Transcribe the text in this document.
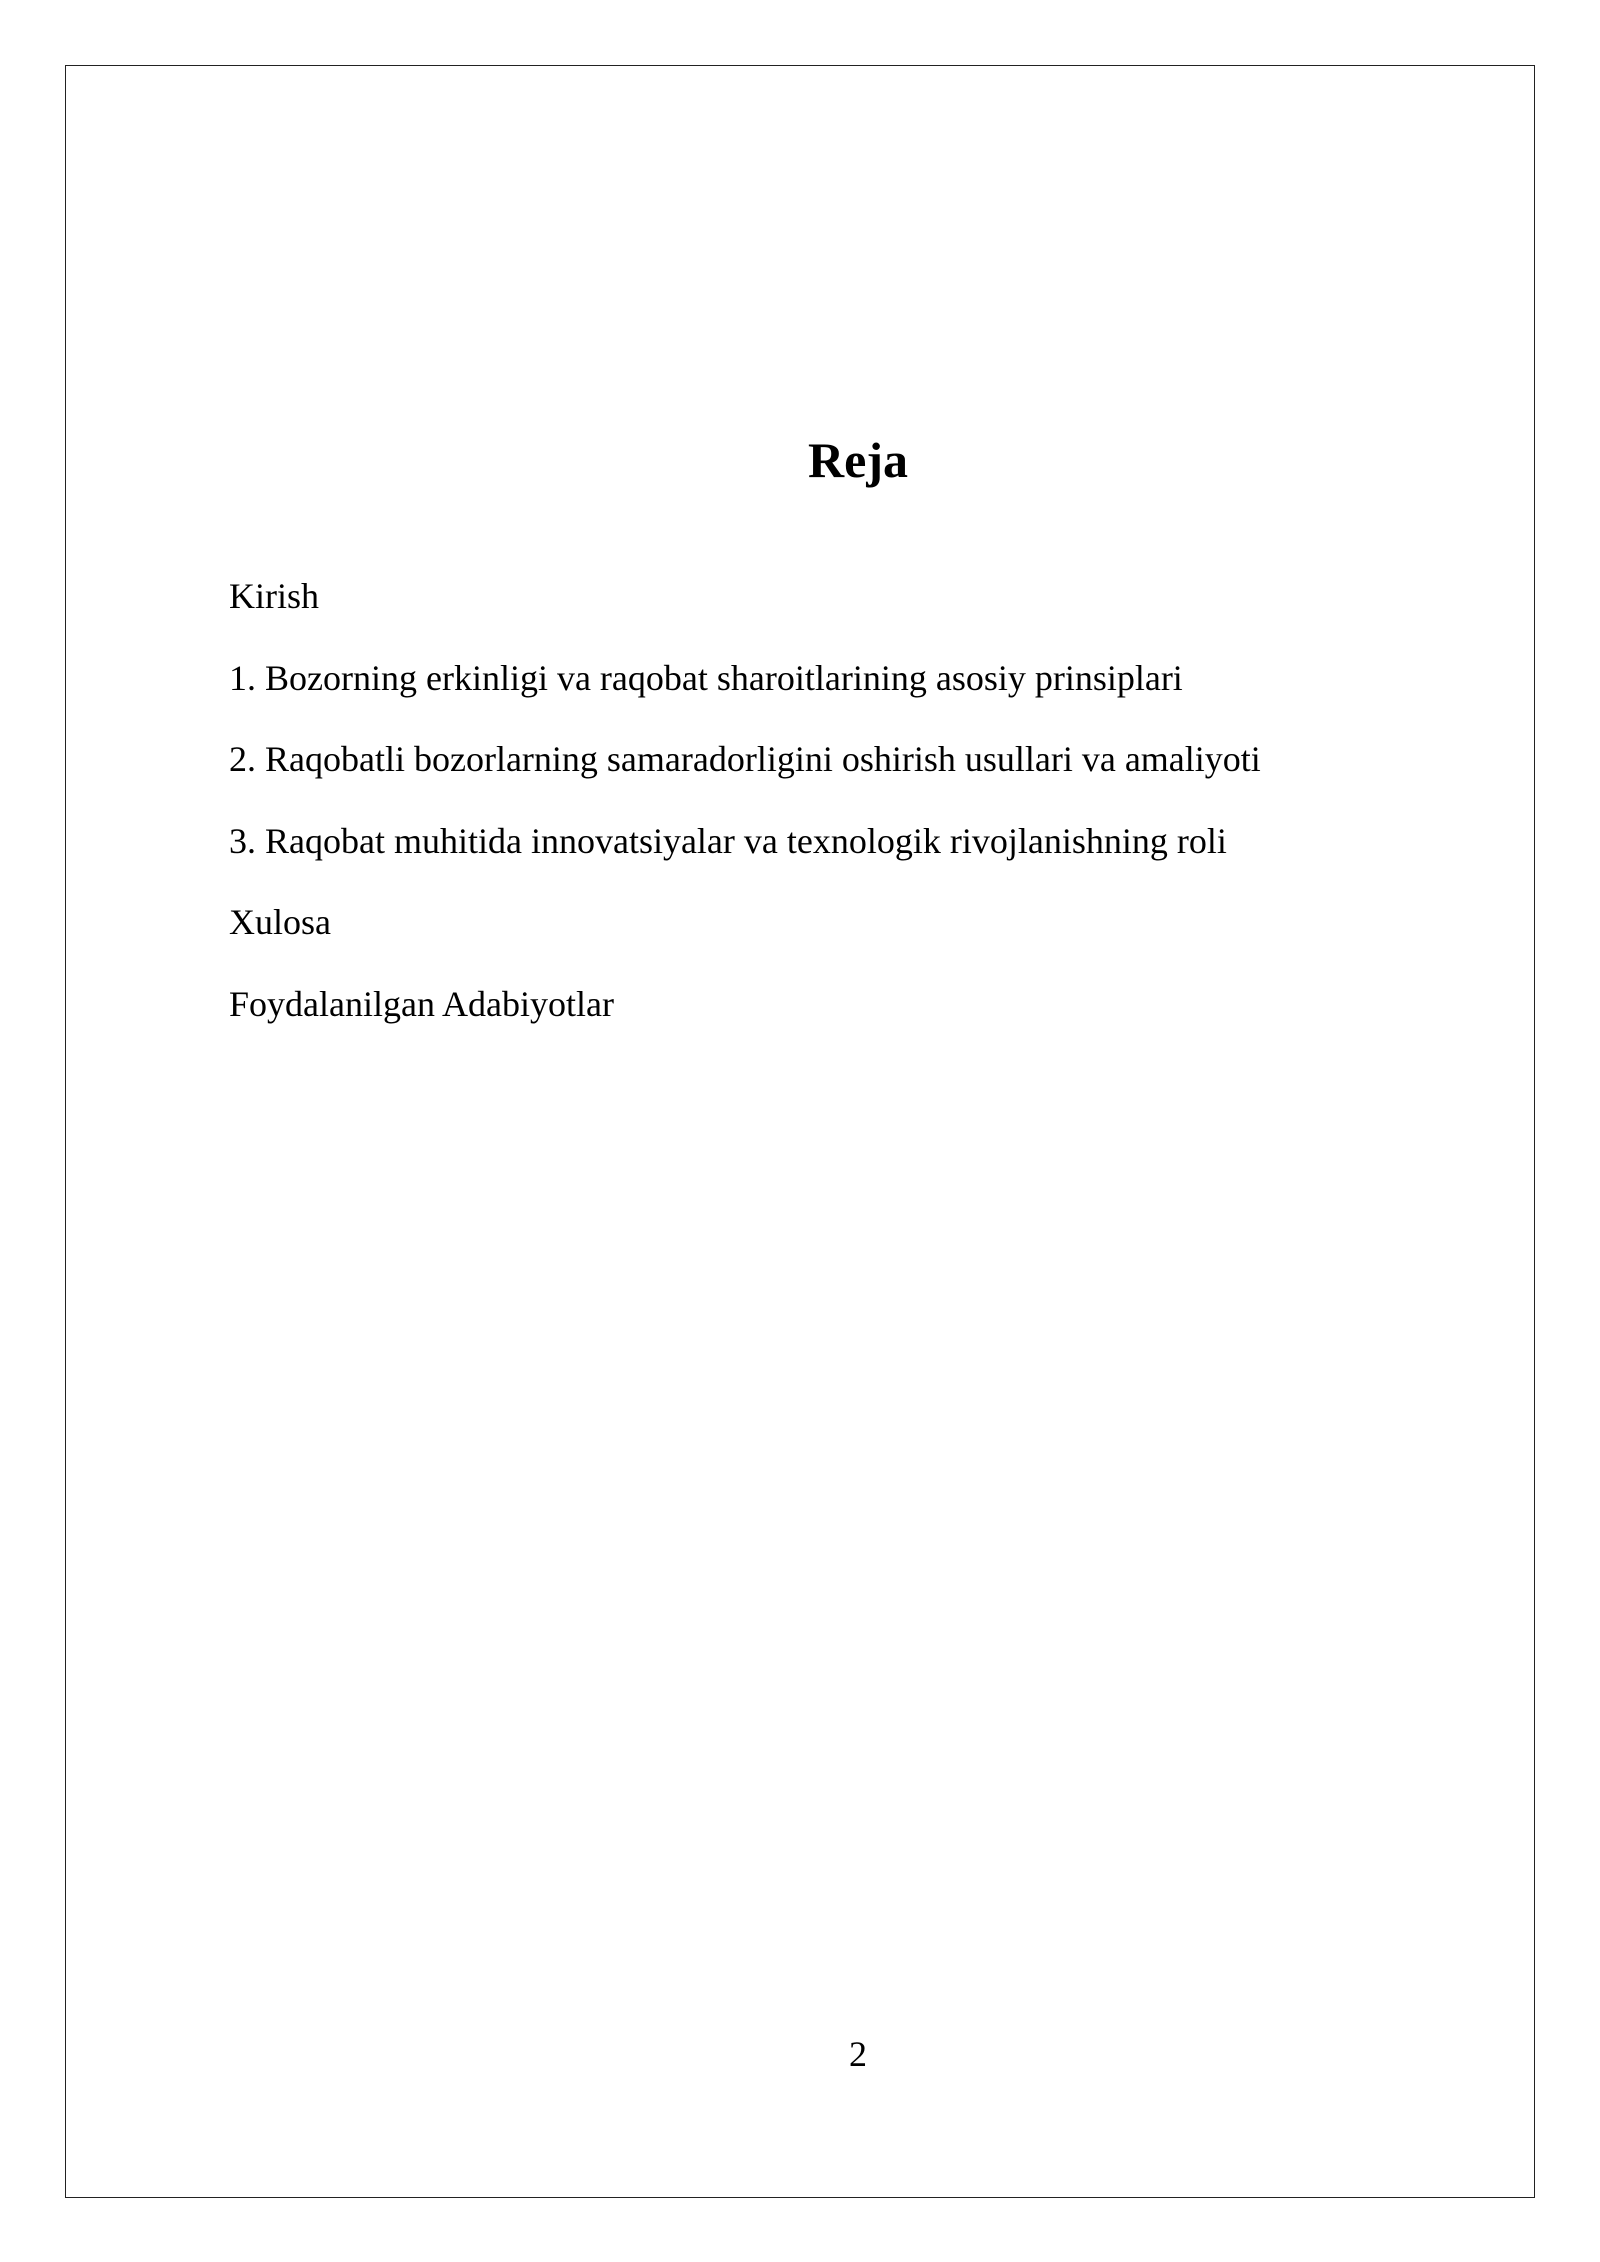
Reja
Kirish
1. Bozorning erkinligi va raqobat sharoitlarining asosiy prinsiplari
2. Raqobatli bozorlarning samaradorligini oshirish usullari va amaliyoti
3. Raqobat muhitida innovatsiyalar va texnologik rivojlanishning roli
Xulosa
Foydalanilgan Adabiyotlar
2
